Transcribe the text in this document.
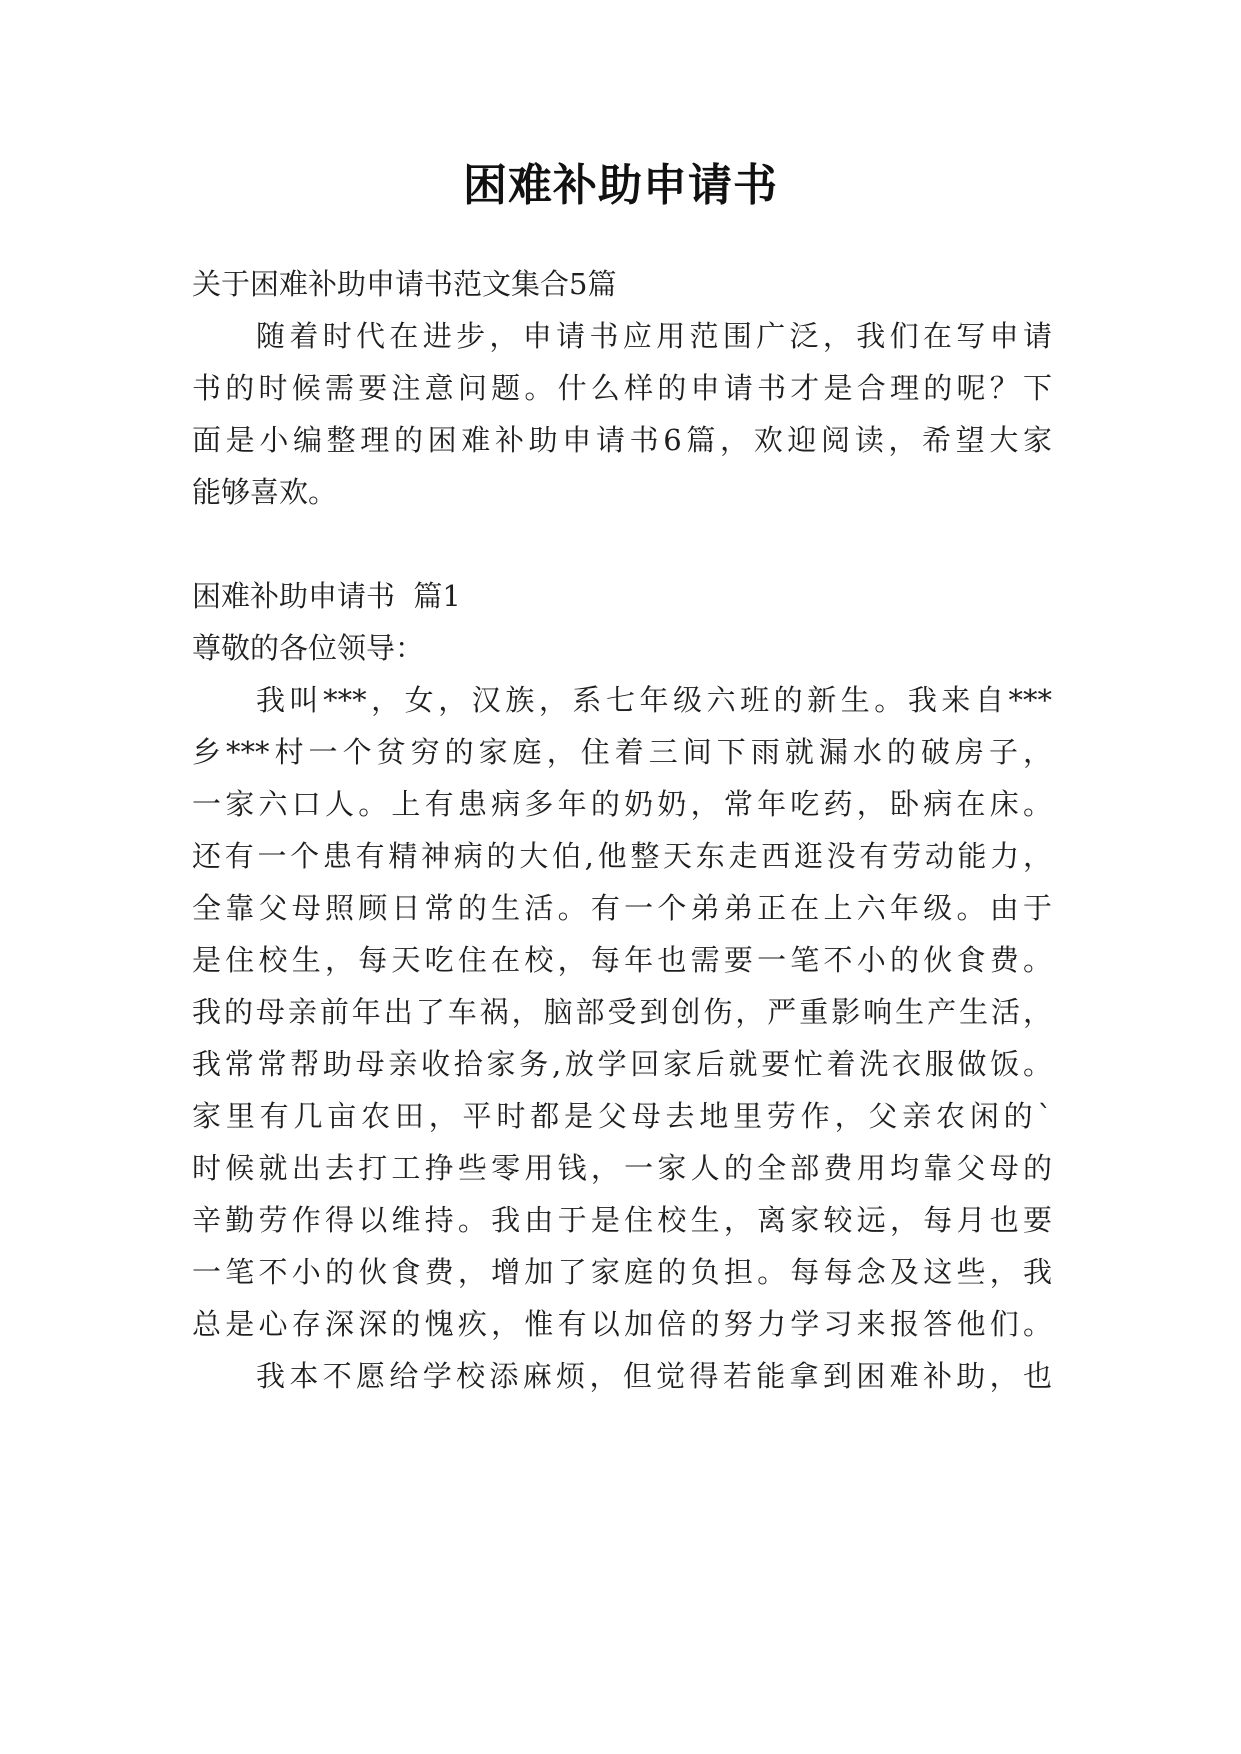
困难补助申请书
关于困难补助申请书范文集合5篇
随着时代在进步，申请书应用范围广泛，我们在写申请
书的时候需要注意问题。什么样的申请书才是合理的呢？下
面是小编整理的困难补助申请书6篇，欢迎阅读，希望大家
能够喜欢。
困难补助申请书  篇1
尊敬的各位领导：
我叫***，女，汉族，系七年级六班的新生。我来自***
乡***村一个贫穷的家庭，住着三间下雨就漏水的破房子，
一家六口人。上有患病多年的奶奶，常年吃药，卧病在床。
还有一个患有精神病的大伯,他整天东走西逛没有劳动能力，
全靠父母照顾日常的生活。有一个弟弟正在上六年级。由于
是住校生，每天吃住在校，每年也需要一笔不小的伙食费。
我的母亲前年出了车祸，脑部受到创伤，严重影响生产生活，
我常常帮助母亲收拾家务,放学回家后就要忙着洗衣服做饭。
家里有几亩农田，平时都是父母去地里劳作，父亲农闲的`
时候就出去打工挣些零用钱，一家人的全部费用均靠父母的
辛勤劳作得以维持。我由于是住校生，离家较远，每月也要
一笔不小的伙食费，增加了家庭的负担。每每念及这些，我
总是心存深深的愧疚，惟有以加倍的努力学习来报答他们。
我本不愿给学校添麻烦，但觉得若能拿到困难补助，也
